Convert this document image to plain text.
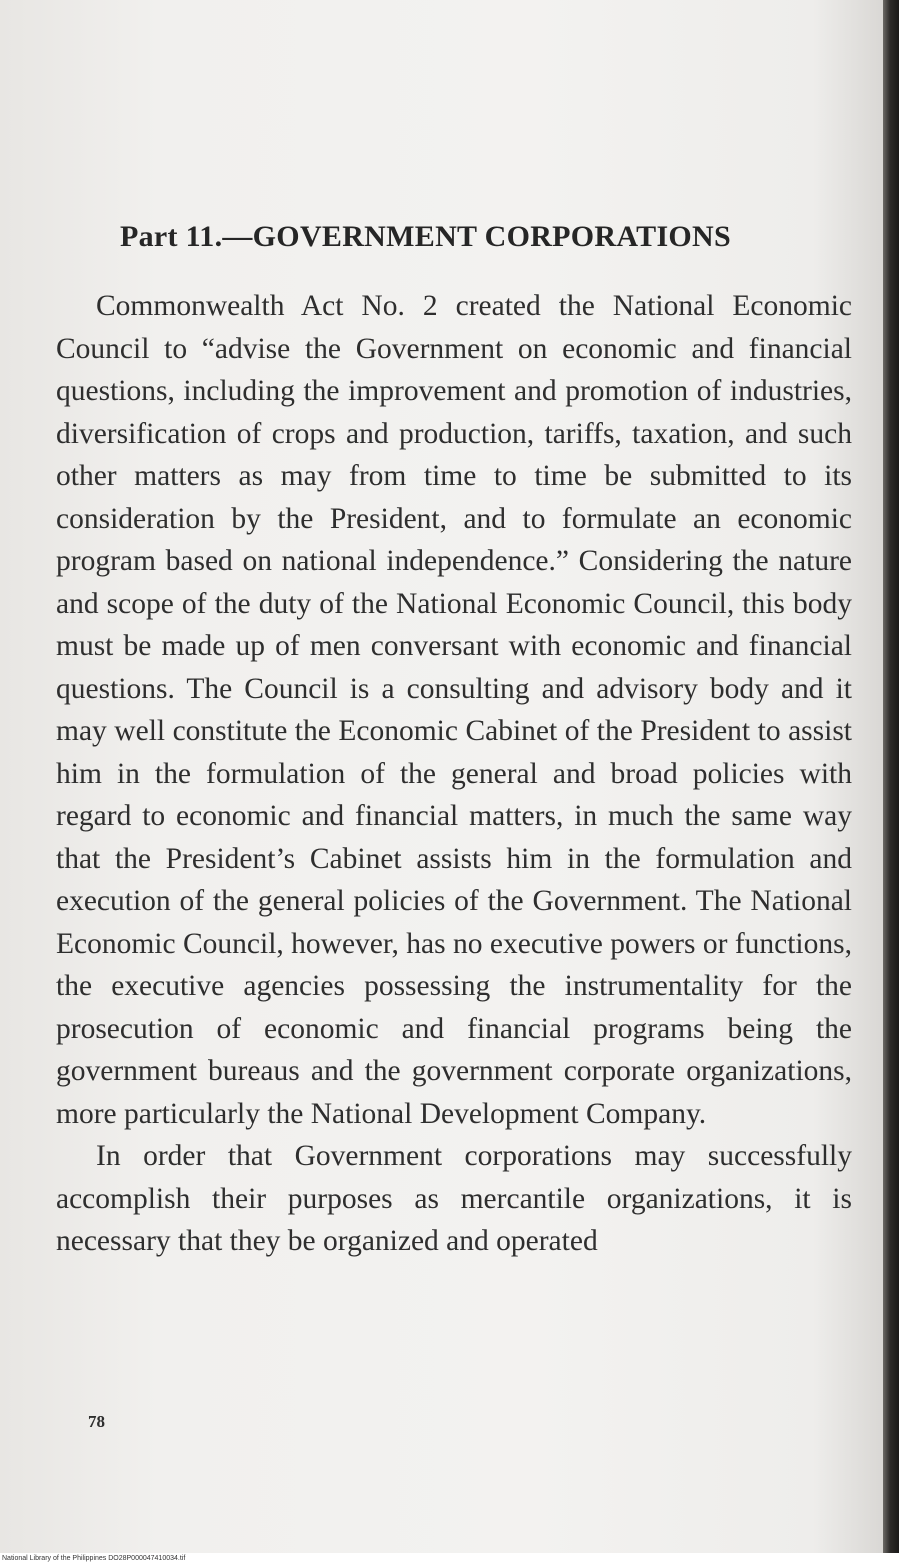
Part 11.—GOVERNMENT CORPORATIONS

Commonwealth Act No. 2 created the National Economic Council to “advise the Government on economic and financial questions, including the improvement and promotion of industries, diversification of crops and production, tariffs, taxation, and such other matters as may from time to time be submitted to its consideration by the President, and to formulate an economic program based on national independence.” Considering the nature and scope of the duty of the National Economic Council, this body must be made up of men conversant with economic and financial questions. The Council is a consulting and advisory body and it may well constitute the Economic Cabinet of the President to assist him in the formulation of the general and broad policies with regard to economic and financial matters, in much the same way that the President’s Cabinet assists him in the formulation and execution of the general policies of the Government. The National Economic Council, however, has no executive powers or functions, the executive agencies possessing the instrumentality for the prosecution of economic and financial programs being the government bureaus and the government corporate organizations, more particularly the National Development Company.

In order that Government corporations may successfully accomplish their purposes as mercantile organizations, it is necessary that they be organized and operated

78
National Library of the Philippines DO28P000047410034.tif
